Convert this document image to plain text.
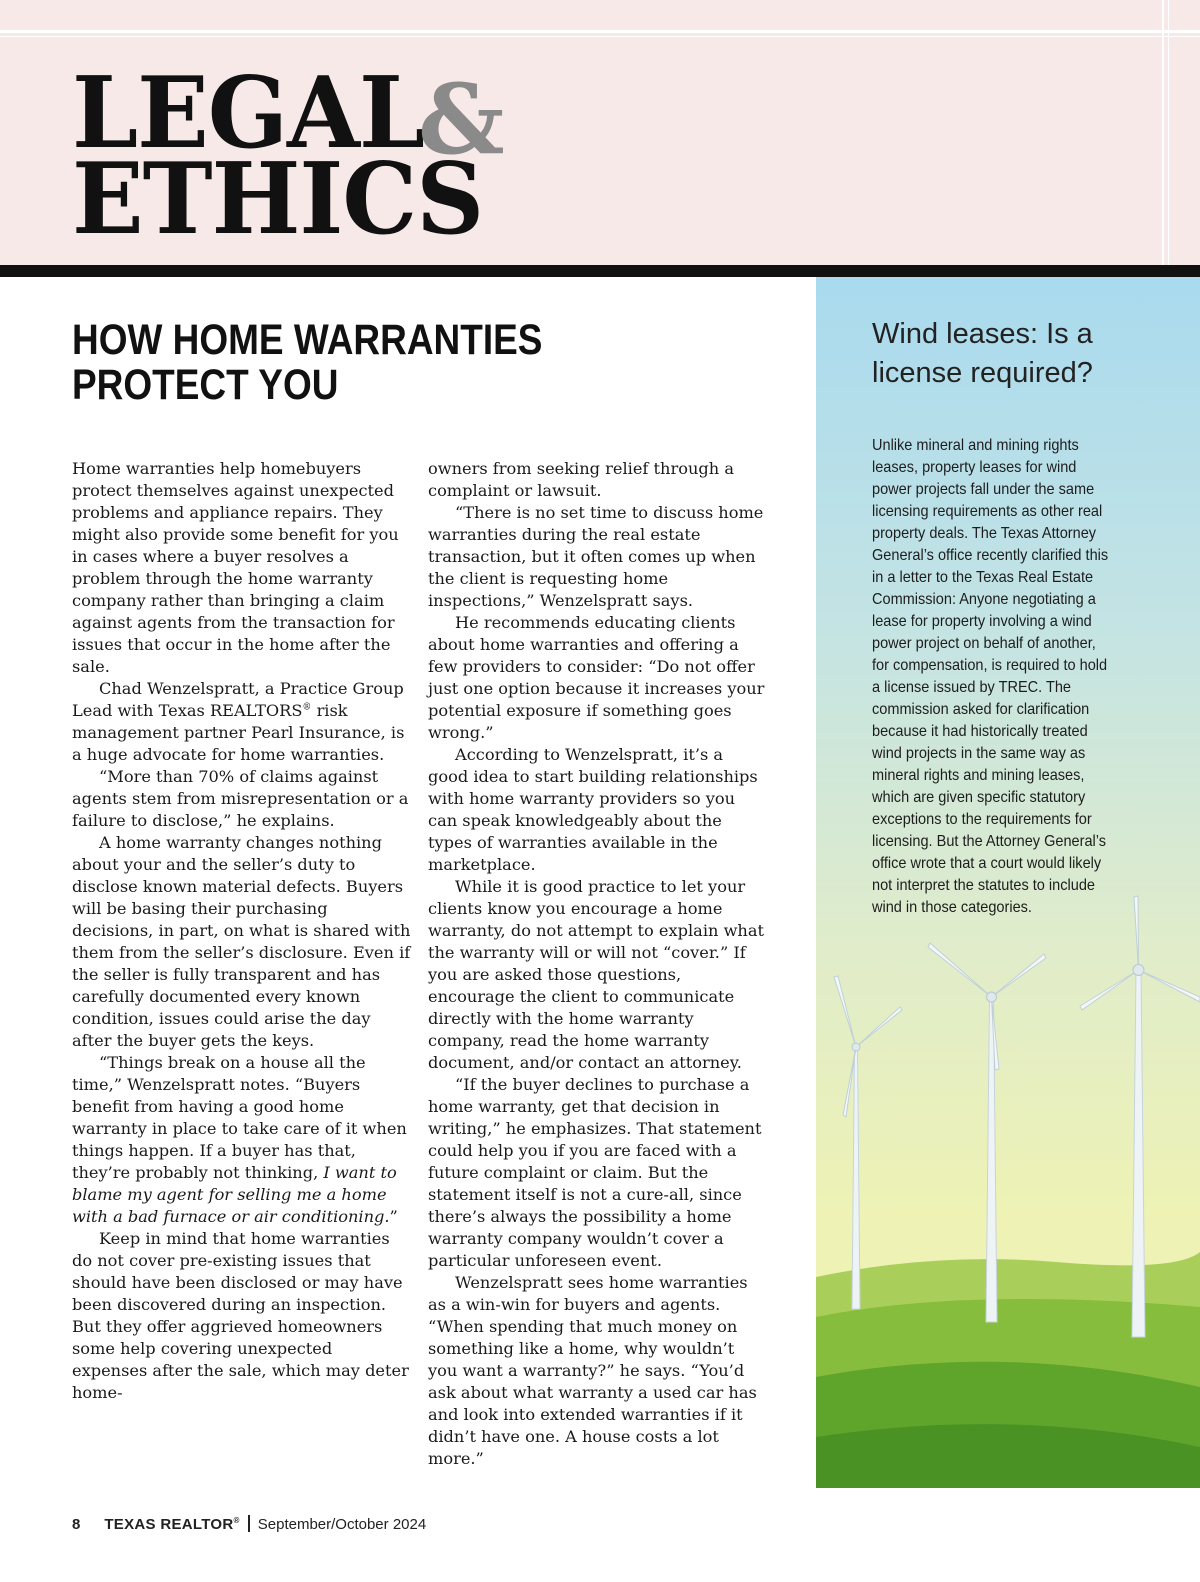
LEGAL
&
ETHICS
HOW HOME WARRANTIES
PROTECT YOU

Home warranties help homebuyers protect themselves against unexpected problems and appliance repairs. They might also provide some benefit for you in cases where a buyer resolves a problem through the home warranty company rather than bringing a claim against agents from the transaction for issues that occur in the home after the sale.

Chad Wenzelspratt, a Practice Group Lead with Texas REALTORS® risk management partner Pearl Insurance, is a huge advocate for home warranties.

“More than 70% of claims against agents stem from misrepresentation or a failure to disclose,” he explains.

A home warranty changes nothing about your and the seller’s duty to disclose known material defects. Buyers will be basing their purchasing decisions, in part, on what is shared with them from the seller’s disclosure. Even if the seller is fully transparent and has carefully documented every known condition, issues could arise the day after the buyer gets the keys.

“Things break on a house all the time,” Wenzelspratt notes. “Buyers benefit from having a good home warranty in place to take care of it when things happen. If a buyer has that, they’re probably not thinking, I want to blame my agent for selling me a home with a bad furnace or air conditioning.”

Keep in mind that home warranties do not cover pre-existing issues that should have been disclosed or may have been discovered during an inspection. But they offer aggrieved homeowners some help covering unexpected expenses after the sale, which may deter home-

owners from seeking relief through a complaint or lawsuit.

“There is no set time to discuss home warranties during the real estate transaction, but it often comes up when the client is requesting home inspections,” Wenzelspratt says.

He recommends educating clients about home warranties and offering a few providers to consider: “Do not offer just one option because it increases your potential exposure if something goes wrong.”

According to Wenzelspratt, it’s a good idea to start building relationships with home warranty providers so you can speak knowledgeably about the types of warranties available in the marketplace.

While it is good practice to let your clients know you encourage a home warranty, do not attempt to explain what the warranty will or will not “cover.” If you are asked those questions, encourage the client to communicate directly with the home warranty company, read the home warranty document, and/or contact an attorney.

“If the buyer declines to purchase a home warranty, get that decision in writing,” he emphasizes. That statement could help you if you are faced with a future complaint or claim. But the statement itself is not a cure-all, since there’s always the possibility a home warranty company wouldn’t cover a particular unforeseen event.

Wenzelspratt sees home warranties as a win-win for buyers and agents. “When spending that much money on something like a home, why wouldn’t you want a warranty?” he says. “You’d ask about what warranty a used car has and look into extended warranties if it didn’t have one. A house costs a lot more.”

Wind leases: Is a
license required?

Unlike mineral and mining rights leases, property leases for wind power projects fall under the same licensing requirements as other real property deals. The Texas Attorney General’s office recently clarified this in a letter to the Texas Real Estate Commission: Anyone negotiating a lease for property involving a wind power project on behalf of another, for compensation, is required to hold a license issued by TREC. The commission asked for clarification because it had historically treated wind projects in the same way as mineral rights and mining leases, which are given specific statutory exceptions to the requirements for licensing. But the Attorney General’s office wrote that a court would likely not interpret the statutes to include wind in those categories.

8 TEXAS REALTOR® September/October 2024
